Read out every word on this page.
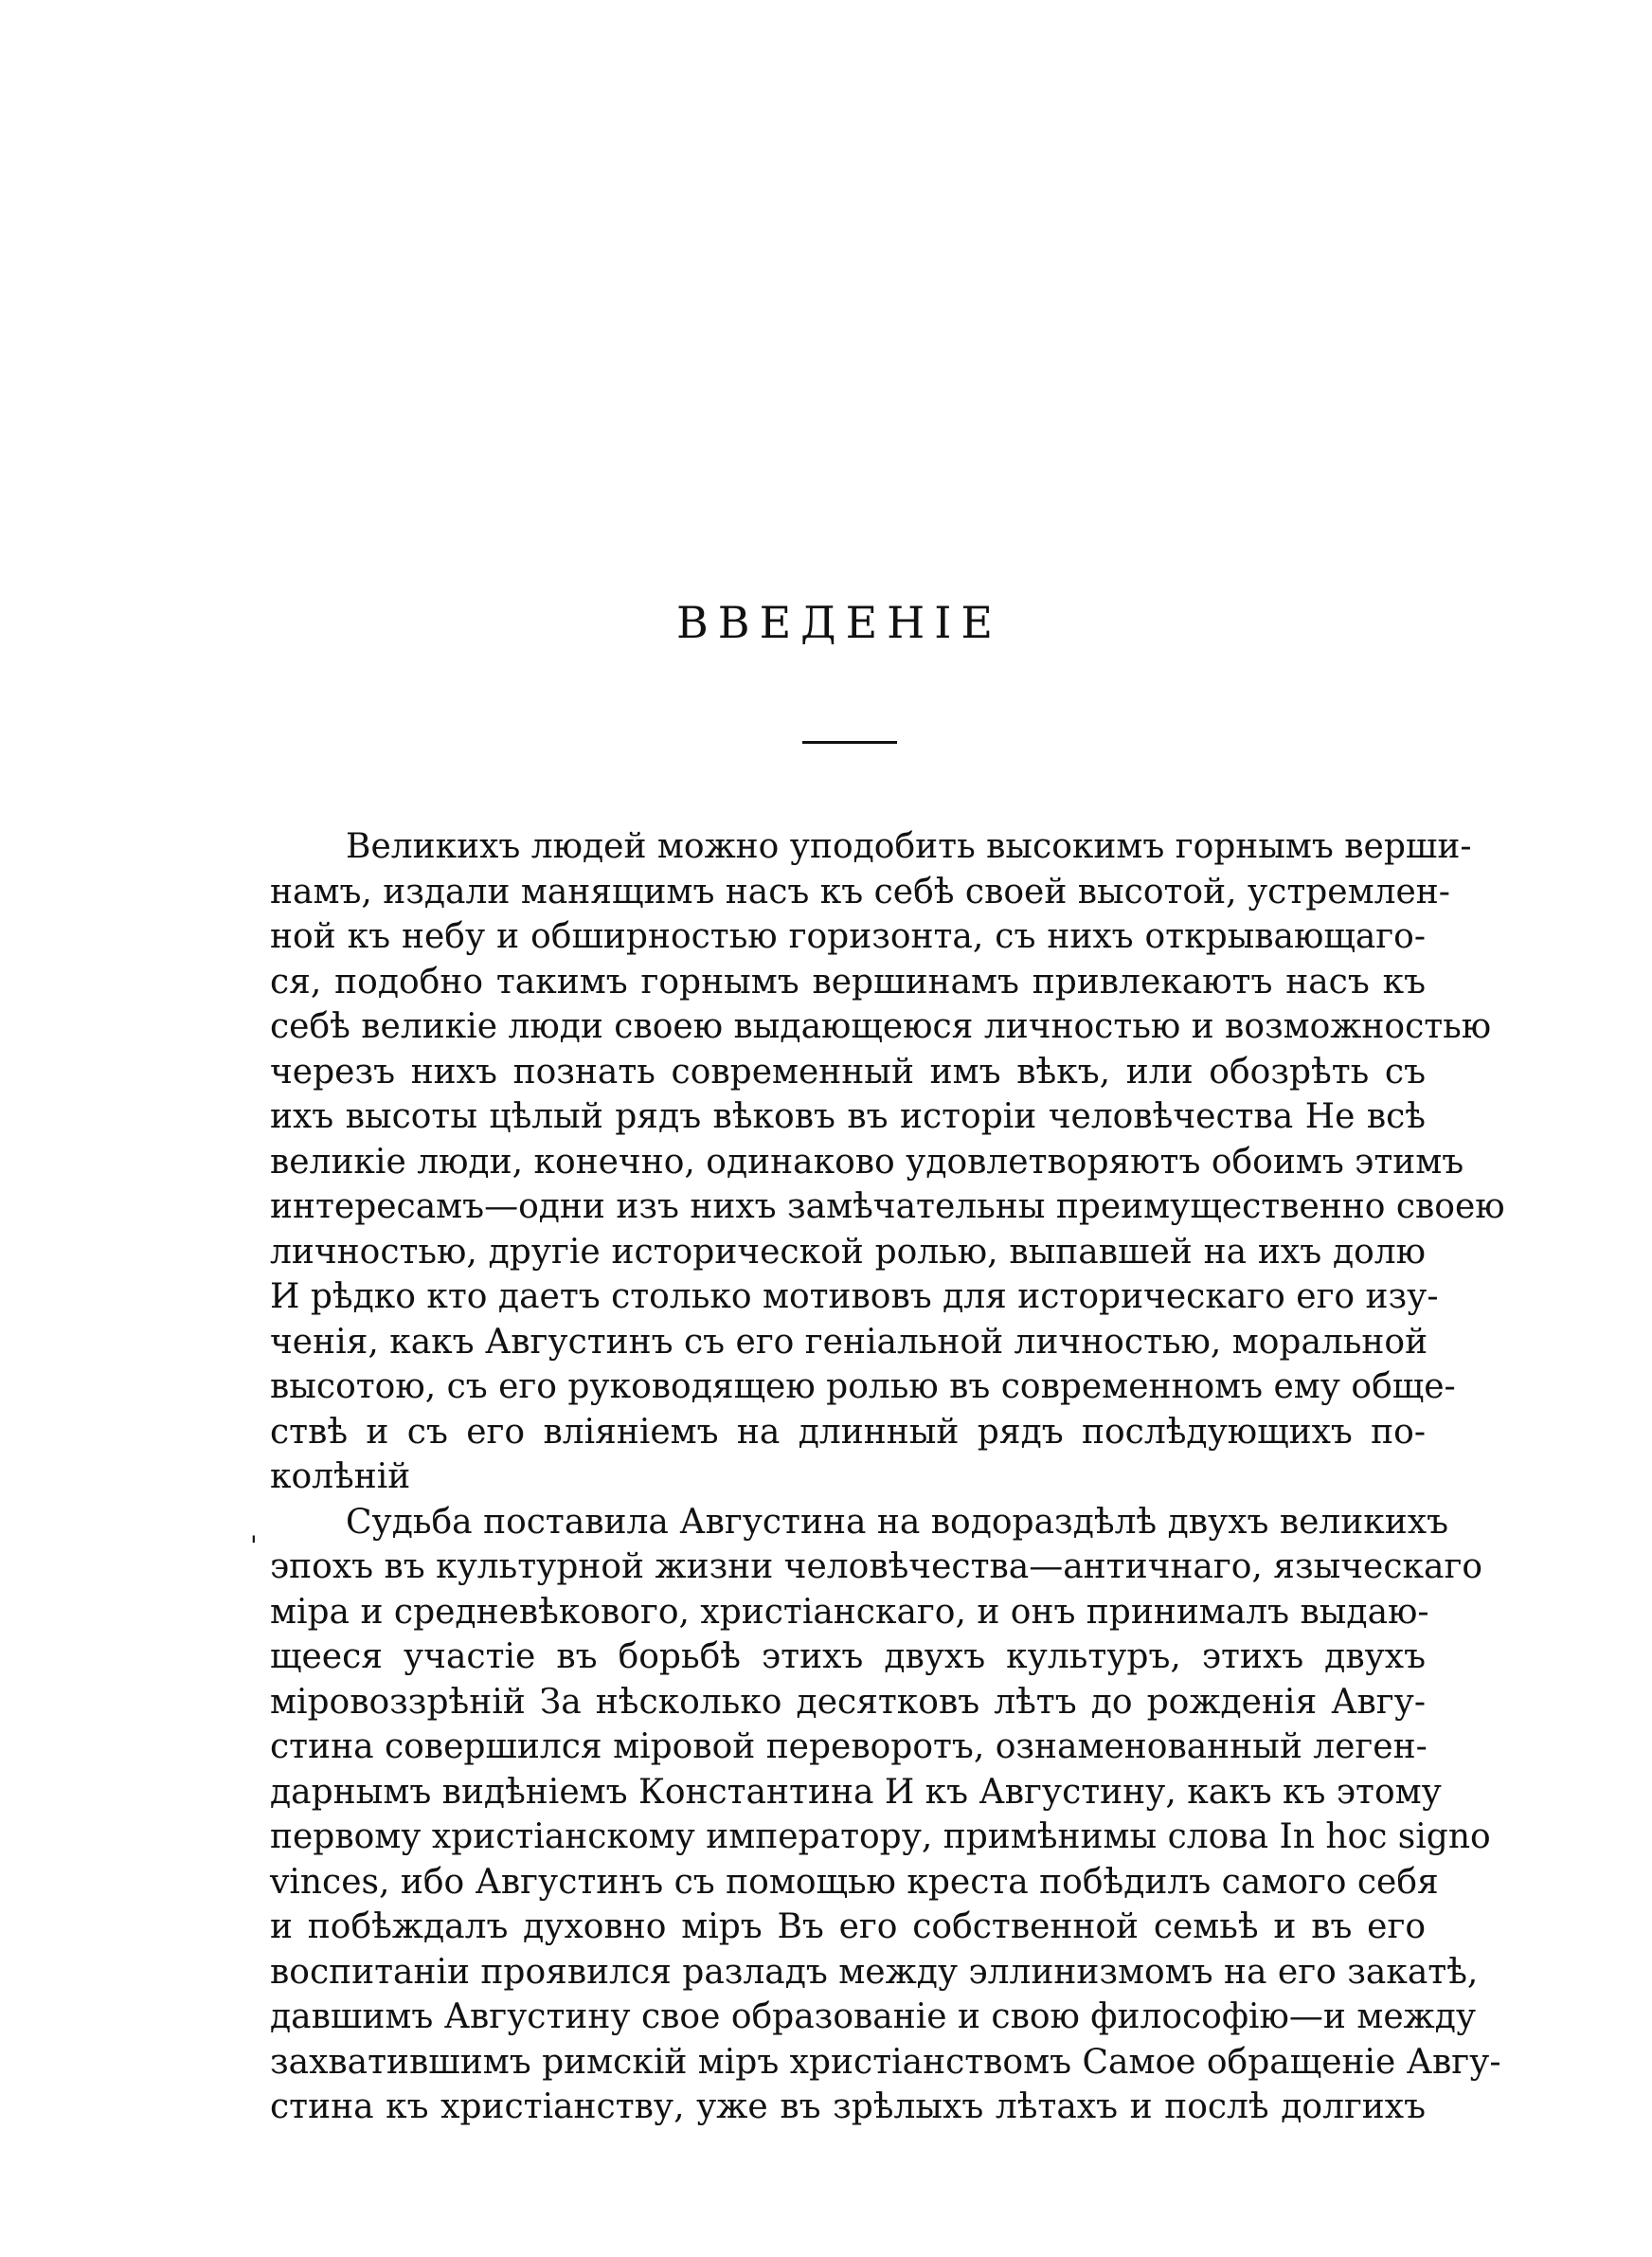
ВВЕДЕНІЕ
'
Великихъ людей можно уподобить высокимъ горнымъ верши-
намъ, издали манящимъ насъ къ себѣ своей высотой, устремлен-
ной къ небу и обширностью горизонта, съ нихъ открывающаго-
ся, подобно такимъ горнымъ вершинамъ привлекаютъ насъ къ
себѣ великіе люди своею выдающеюся личностью и возможностью
черезъ нихъ познать современный имъ вѣкъ, или обозрѣть съ
ихъ высоты цѣлый рядъ вѣковъ въ исторіи человѣчества Не всѣ
великіе люди, конечно, одинаково удовлетворяютъ обоимъ этимъ
интересамъ—одни изъ нихъ замѣчательны преимущественно своею
личностью, другіе исторической ролью, выпавшей на ихъ долю
И рѣдко кто даетъ столько мотивовъ для историческаго его изу-
ченія, какъ Августинъ съ его геніальной личностью, моральной
высотою, съ его руководящею ролью въ современномъ ему общe-
ствѣ и съ его вліяніемъ на длинный рядъ послѣдующихъ по-
колѣній
Судьба поставила Августина на водораздѣлѣ двухъ великихъ
эпохъ въ культурной жизни человѣчества—античнаго, языческаго
міра и средневѣкового, христіанскаго, и онъ принималъ выдаю-
щееся участіе въ борьбѣ этихъ двухъ культуръ, этихъ двухъ
міровоззрѣній За нѣсколько десятковъ лѣтъ до рожденія Авгу-
стина совершился міровой переворотъ, ознаменованный леген-
дарнымъ видѣніемъ Константина И къ Августину, какъ къ этому
первому христіанскому императору, примѣнимы слова In hoc signo
vinces, ибо Августинъ съ помощью креста побѣдилъ самого себя
и побѣждалъ духовно міръ Въ его собственной семьѣ и въ его
воспитаніи проявился разладъ между эллинизмомъ на его закатѣ,
давшимъ Августину свое образованіе и свою философію—и между
захватившимъ римскій міръ христіанствомъ Самое обращеніе Авгу-
стина къ христіанству, уже въ зрѣлыхъ лѣтахъ и послѣ долгихъ
